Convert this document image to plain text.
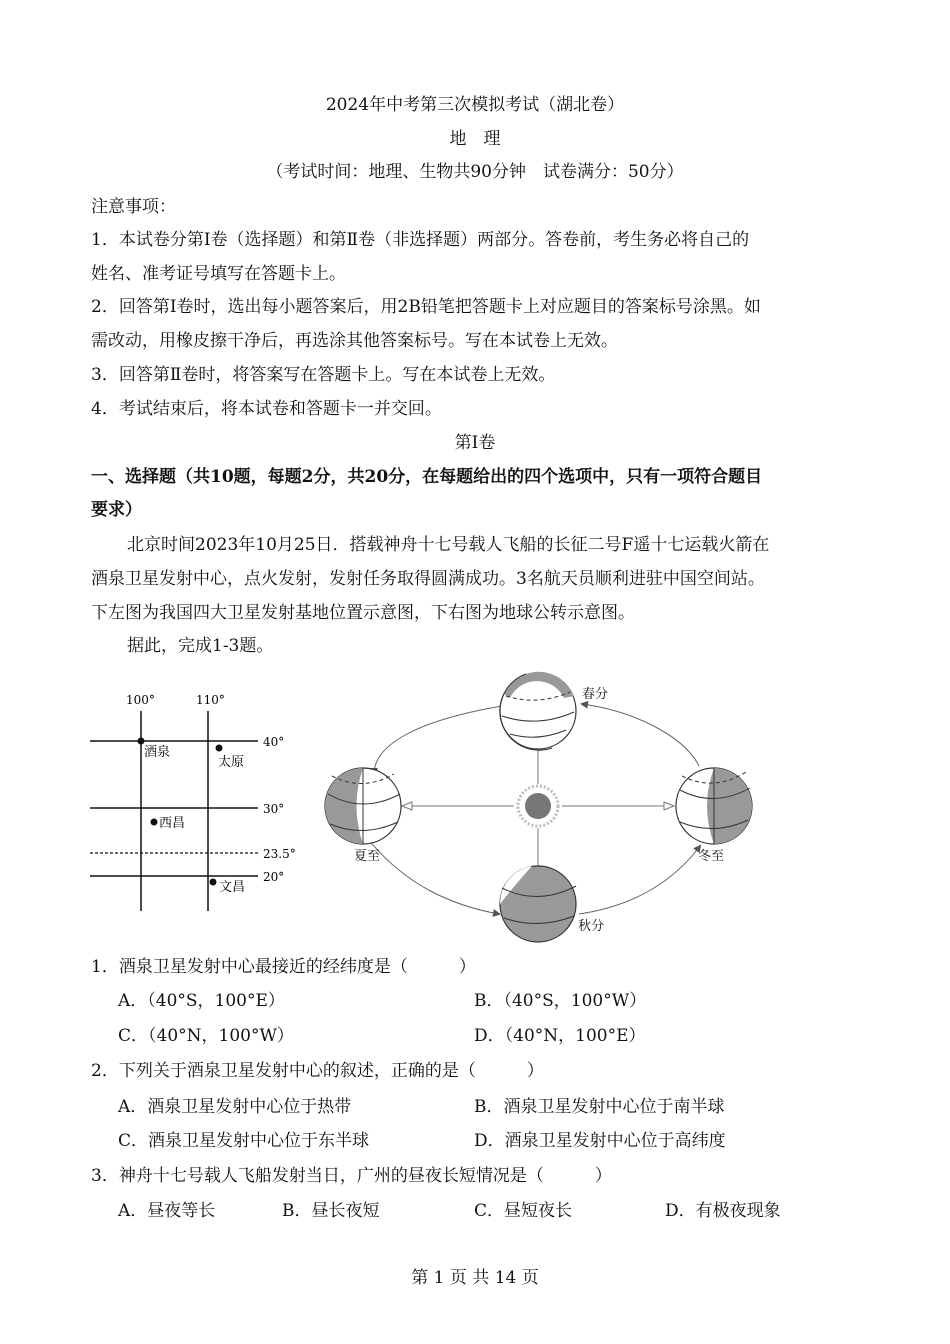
2024年中考第三次模拟考试（湖北卷）
地　理
（考试时间：地理、生物共90分钟　试卷满分：50分）
注意事项：
1．本试卷分第Ⅰ卷（选择题）和第Ⅱ卷（非选择题）两部分。答卷前，考生务必将自己的
姓名、准考证号填写在答题卡上。
2．回答第Ⅰ卷时，选出每小题答案后，用2B铅笔把答题卡上对应题目的答案标号涂黑。如
需改动，用橡皮擦干净后，再选涂其他答案标号。写在本试卷上无效。
3．回答第Ⅱ卷时，将答案写在答题卡上。写在本试卷上无效。
4．考试结束后，将本试卷和答题卡一并交回。
第Ⅰ卷
一、选择题（共10题，每题2分，共20分，在每题给出的四个选项中，只有一项符合题目
要求）
北京时间2023年10月25日．搭载神舟十七号载人飞船的长征二号F遥十七运载火箭在
酒泉卫星发射中心，点火发射，发射任务取得圆满成功。3名航天员顺利进驻中国空间站。
下左图为我国四大卫星发射基地位置示意图，下右图为地球公转示意图。
据此，完成1-3题。
100°	110°
40°
30°
23.5°
20°
酒泉
太原
西昌
文昌
春分
夏至
秋分
冬至
1．酒泉卫星发射中心最接近的经纬度是（　　　）
A．（40°S，100°E）	B．（40°S，100°W）
C．（40°N，100°W）	D．（40°N，100°E）
2．下列关于酒泉卫星发射中心的叙述，正确的是（　　　）
A．酒泉卫星发射中心位于热带	B．酒泉卫星发射中心位于南半球
C．酒泉卫星发射中心位于东半球	D．酒泉卫星发射中心位于高纬度
3．神舟十七号载人飞船发射当日，广州的昼夜长短情况是（　　　）
A．昼夜等长	B．昼长夜短	C．昼短夜长	D．有极夜现象
第 1 页 共 14 页
